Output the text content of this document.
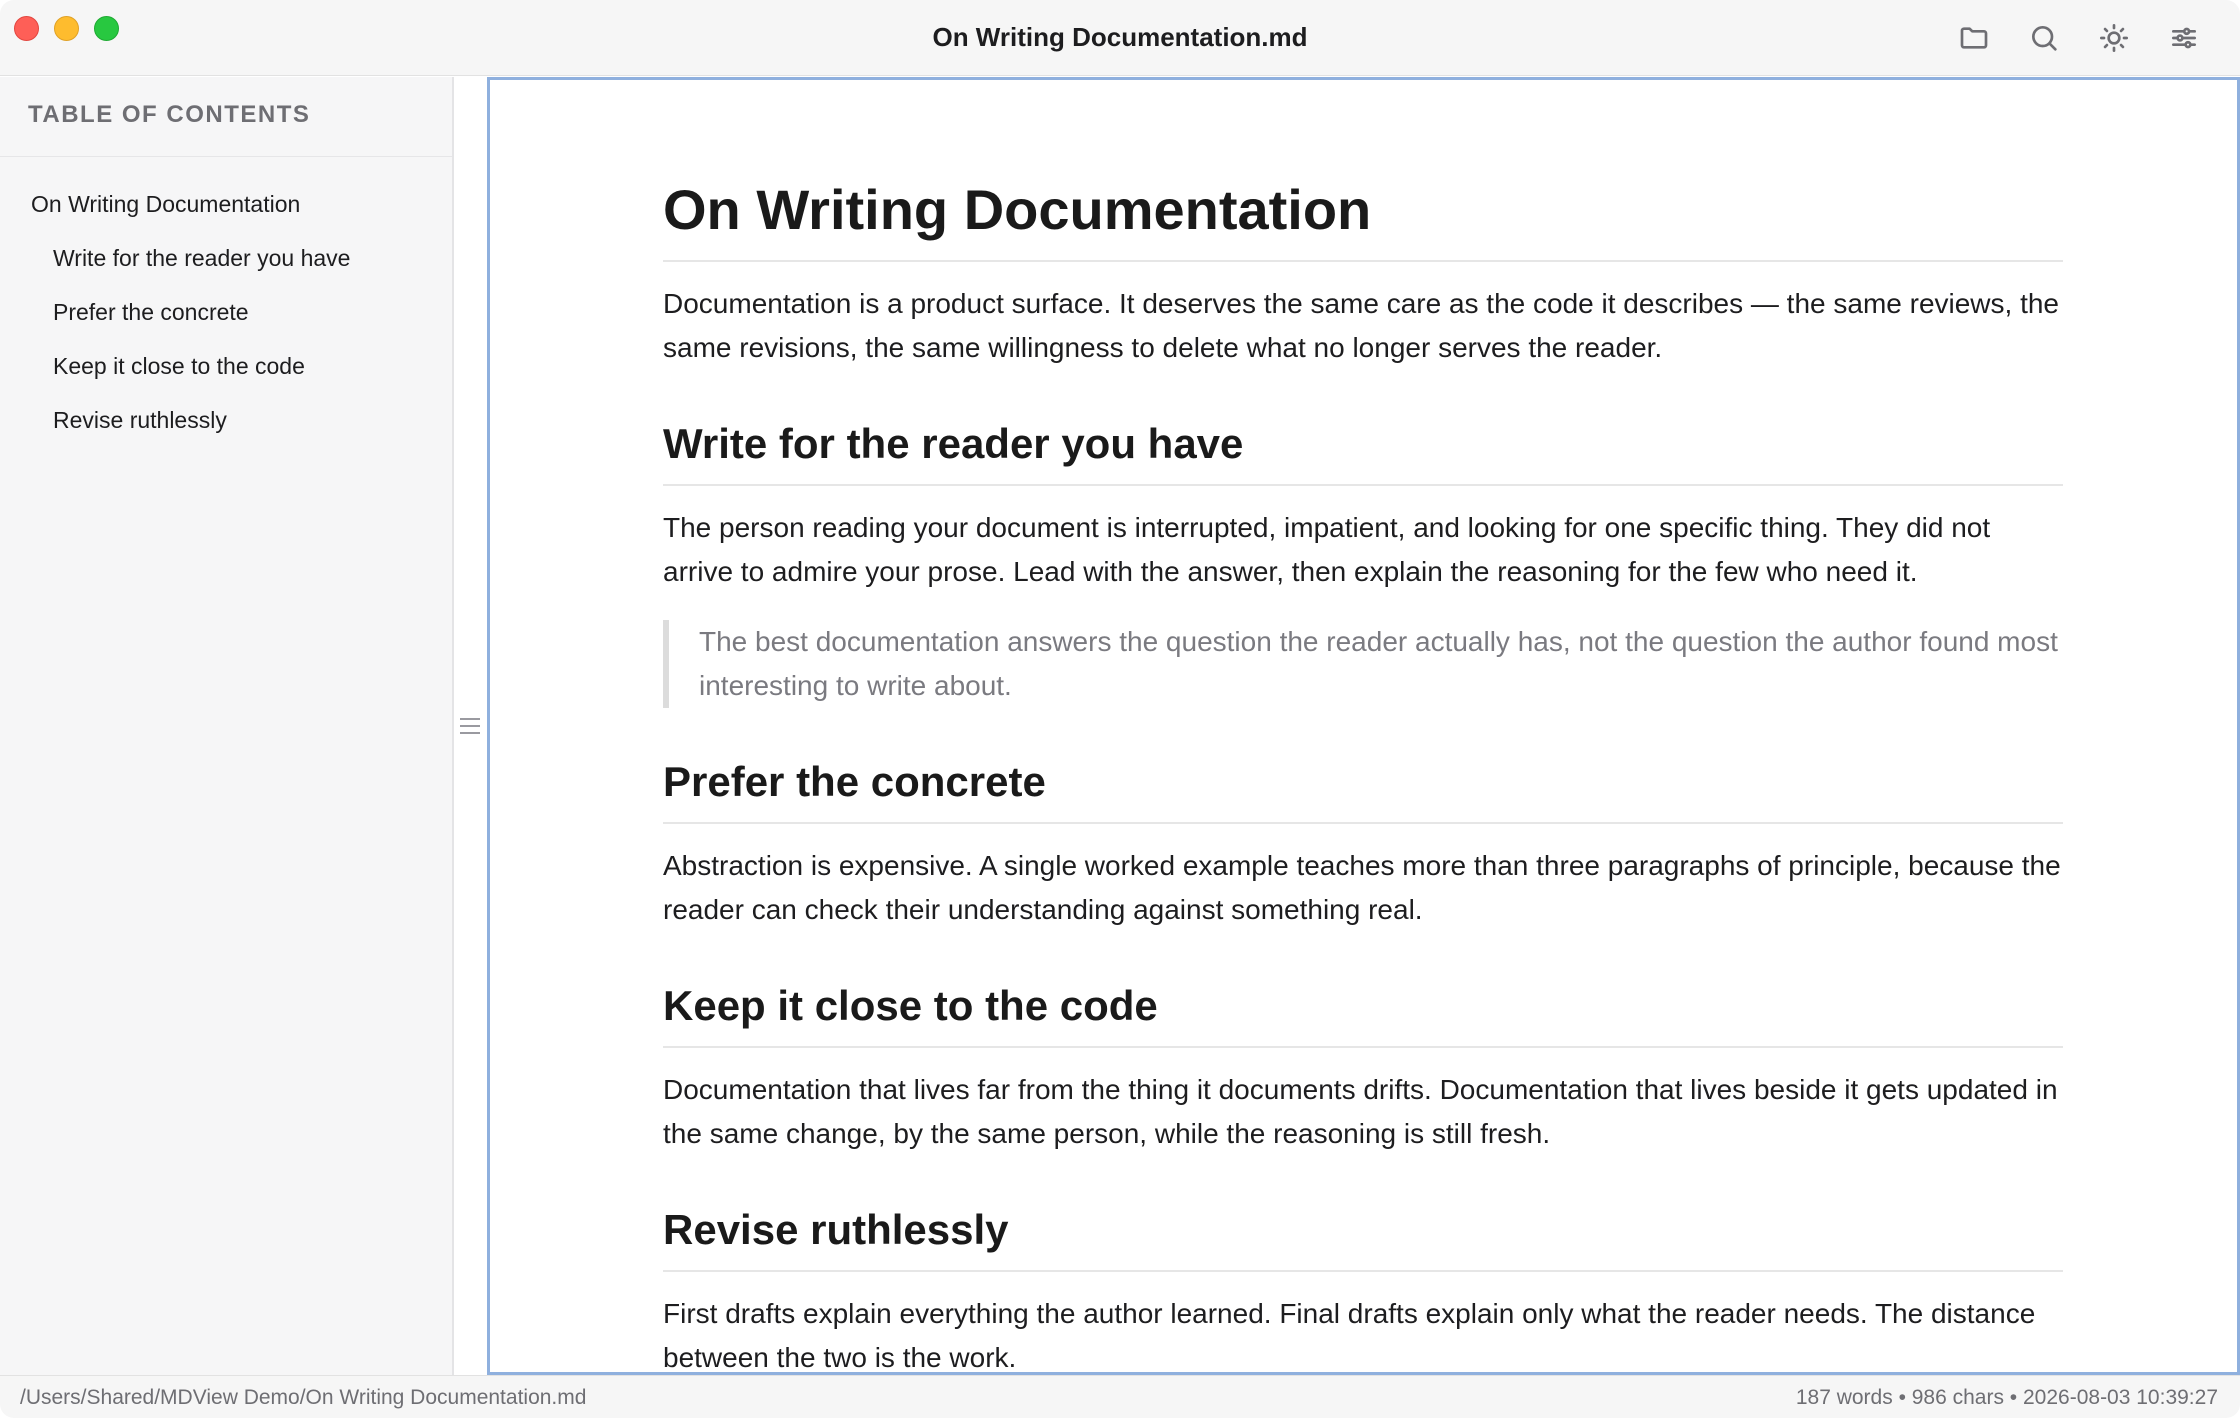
On Writing Documentation.md
TABLE OF CONTENTS
On Writing Documentation
Write for the reader you have
Prefer the concrete
Keep it close to the code
Revise ruthlessly
On Writing Documentation

Documentation is a product surface. It deserves the same care as the code it describes — the same reviews, the same revisions, the same willingness to delete what no longer serves the reader.

Write for the reader you have

The person reading your document is interrupted, impatient, and looking for one specific thing. They did not arrive to admire your prose. Lead with the answer, then explain the reasoning for the few who need it.

The best documentation answers the question the reader actually has, not the question the author found most interesting to write about.
Prefer the concrete

Abstraction is expensive. A single worked example teaches more than three paragraphs of principle, because the reader can check their understanding against something real.

Keep it close to the code

Documentation that lives far from the thing it documents drifts. Documentation that lives beside it gets updated in the same change, by the same person, while the reasoning is still fresh.

Revise ruthlessly

First drafts explain everything the author learned. Final drafts explain only what the reader needs. The distance between the two is the work.

/Users/Shared/MDView Demo/On Writing Documentation.md	187 words • 986 chars • 2026-08-03 10:39:27
